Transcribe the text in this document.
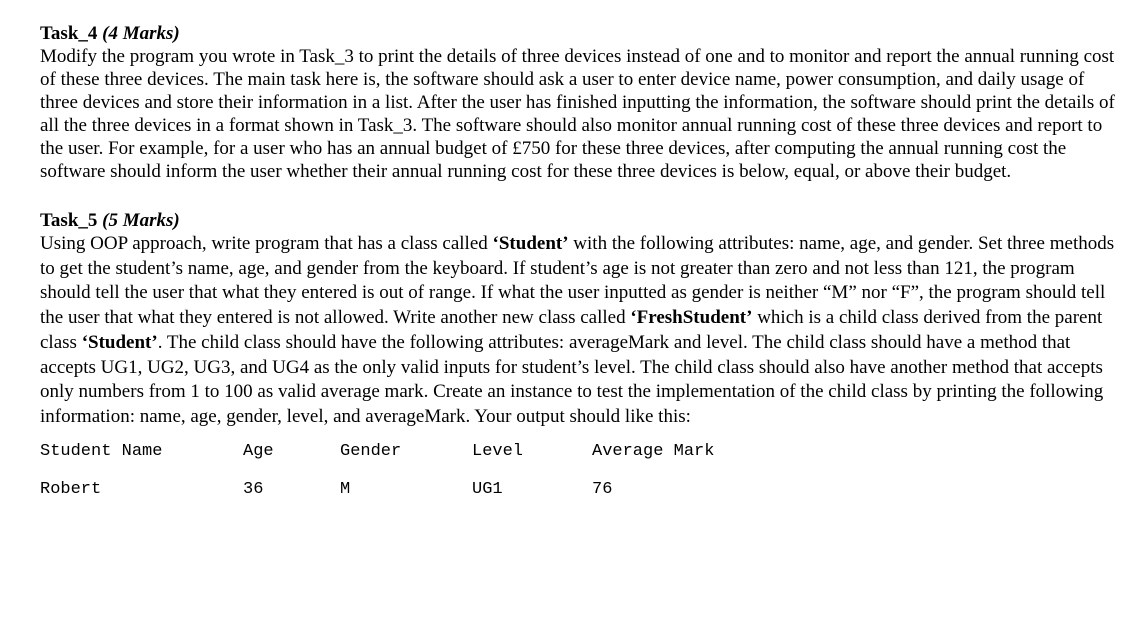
Task_4 (4 Marks)

Modify the program you wrote in Task_3 to print the details of three devices instead of one and to monitor and report the annual running cost of these three devices. The main task here is, the software should ask a user to enter device name, power consumption, and daily usage of three devices and store their information in a list. After the user has finished inputting the information, the software should print the details of all the three devices in a format shown in Task_3. The software should also monitor annual running cost of these three devices and report to the user. For example, for a user who has an annual budget of £750 for these three devices, after computing the annual running cost the software should inform the user whether their annual running cost for these three devices is below, equal, or above their budget.

Task_5 (5 Marks)

Using OOP approach, write program that has a class called ‘Student’ with the following attributes: name, age, and gender. Set three methods to get the student’s name, age, and gender from the keyboard. If student’s age is not greater than zero and not less than 121, the program should tell the user that what they entered is out of range. If what the user inputted as gender is neither “M” nor “F”, the program should tell the user that what they entered is not allowed. Write another new class called ‘FreshStudent’ which is a child class derived from the parent class ‘Student’. The child class should have the following attributes: averageMark and level. The child class should have a method that accepts UG1, UG2, UG3, and UG4 as the only valid inputs for student’s level. The child class should also have another method that accepts only numbers from 1 to 100 as valid average mark. Create an instance to test the implementation of the child class by printing the following information: name, age, gender, level, and averageMark. Your output should like this:

Student Name	Age	Gender	Level	Average Mark
Robert	36	M	UG1	76
